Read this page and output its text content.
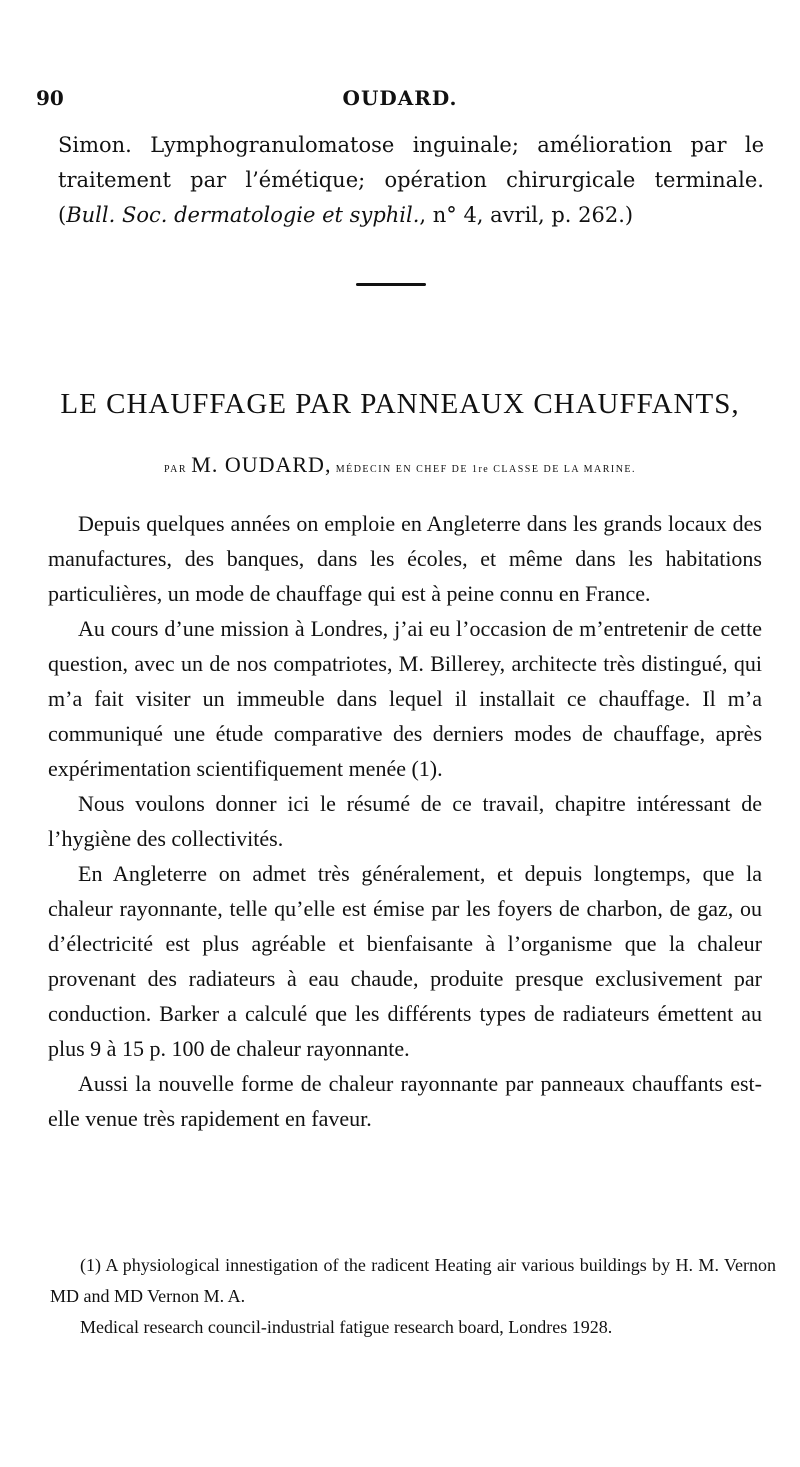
90	OUDARD.
Simon. Lymphogranulomatose inguinale; amélioration par le traitement par l’émétique; opération chirurgicale terminale. (Bull. Soc. dermatologie et syphil., n° 4, avril, p. 262.)
LE CHAUFFAGE PAR PANNEAUX CHAUFFANTS,
PAR M. OUDARD, MÉDECIN EN CHEF DE 1re CLASSE DE LA MARINE.

Depuis quelques années on emploie en Angleterre dans les grands locaux des manufactures, des banques, dans les écoles, et même dans les habitations particulières, un mode de chauffage qui est à peine connu en France.

Au cours d’une mission à Londres, j’ai eu l’occasion de m’entretenir de cette question, avec un de nos compatriotes, M. Billerey, architecte très distingué, qui m’a fait visiter un immeuble dans lequel il installait ce chauffage. Il m’a communiqué une étude comparative des derniers modes de chauffage, après expérimentation scientifiquement menée (1).

Nous voulons donner ici le résumé de ce travail, chapitre intéressant de l’hygiène des collectivités.

En Angleterre on admet très généralement, et depuis longtemps, que la chaleur rayonnante, telle qu’elle est émise par les foyers de charbon, de gaz, ou d’électricité est plus agréable et bienfaisante à l’organisme que la chaleur provenant des radiateurs à eau chaude, produite presque exclusivement par conduction. Barker a calculé que les différents types de radiateurs émettent au plus 9 à 15 p. 100 de chaleur rayonnante.

Aussi la nouvelle forme de chaleur rayonnante par panneaux chauffants est-elle venue très rapidement en faveur.

(1) A physiological innestigation of the radicent Heating air various buildings by H. M. Vernon MD and MD Vernon M. A.

Medical research council-industrial fatigue research board, Londres 1928.
